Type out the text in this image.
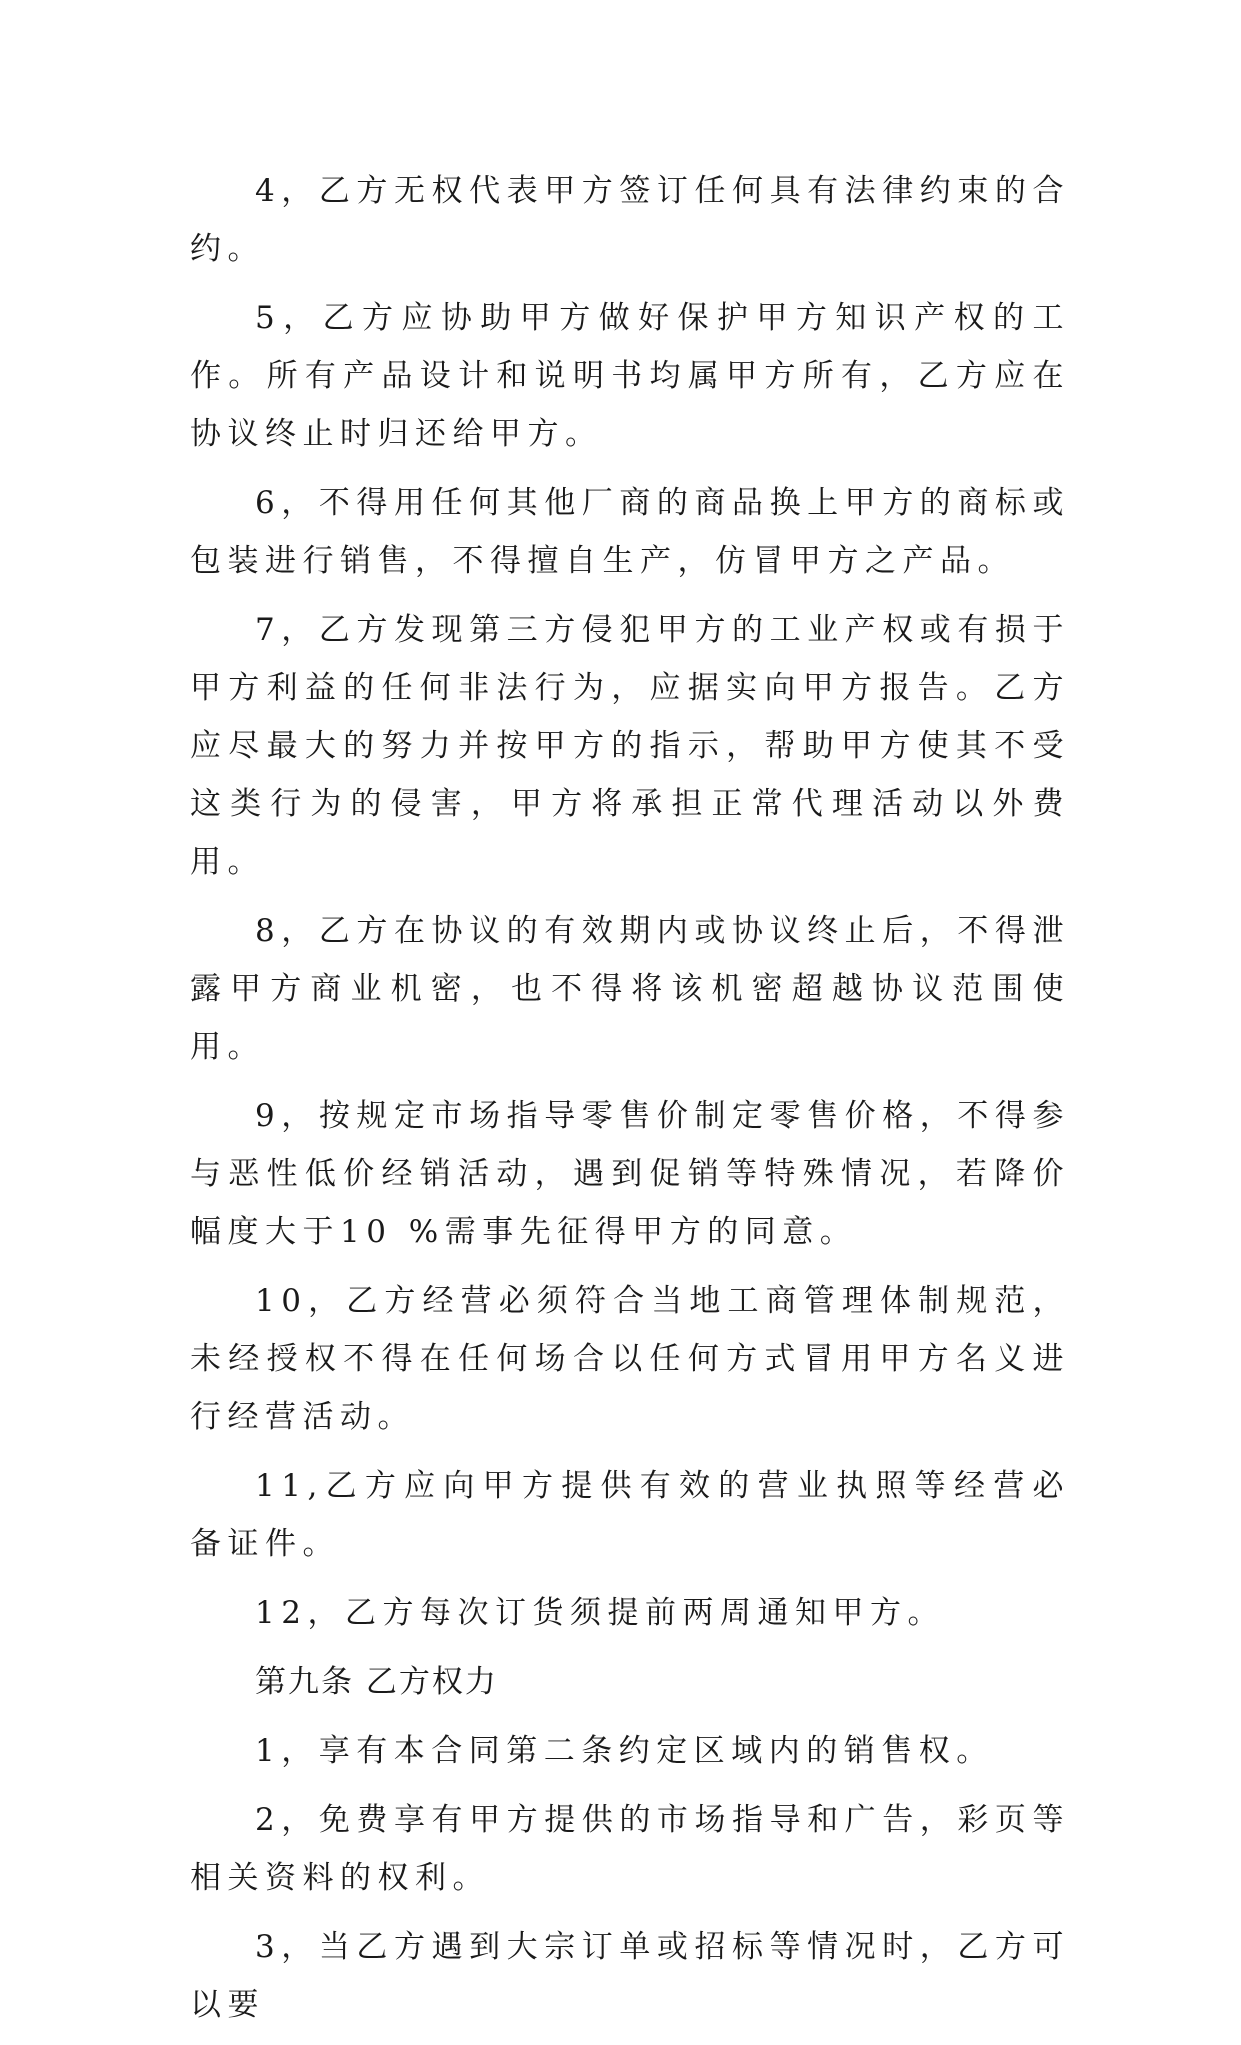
4，乙方无权代表甲方签订任何具有法律约束的合约。

5，乙方应协助甲方做好保护甲方知识产权的工作。所有产品设计和说明书均属甲方所有，乙方应在协议终止时归还给甲方。

6，不得用任何其他厂商的商品换上甲方的商标或包装进行销售，不得擅自生产，仿冒甲方之产品。

7，乙方发现第三方侵犯甲方的工业产权或有损于甲方利益的任何非法行为，应据实向甲方报告。乙方应尽最大的努力并按甲方的指示，帮助甲方使其不受这类行为的侵害，甲方将承担正常代理活动以外费用。

8，乙方在协议的有效期内或协议终止后，不得泄露甲方商业机密，也不得将该机密超越协议范围使用。

9，按规定市场指导零售价制定零售价格，不得参与恶性低价经销活动，遇到促销等特殊情况，若降价幅度大于10 %需事先征得甲方的同意。

10，乙方经营必须符合当地工商管理体制规范，未经授权不得在任何场合以任何方式冒用甲方名义进行经营活动。

11,乙方应向甲方提供有效的营业执照等经营必备证件。

12，乙方每次订货须提前两周通知甲方。

第九条 乙方权力

1，享有本合同第二条约定区域内的销售权。

2，免费享有甲方提供的市场指导和广告，彩页等相关资料的权利。

3，当乙方遇到大宗订单或招标等情况时，乙方可以要
